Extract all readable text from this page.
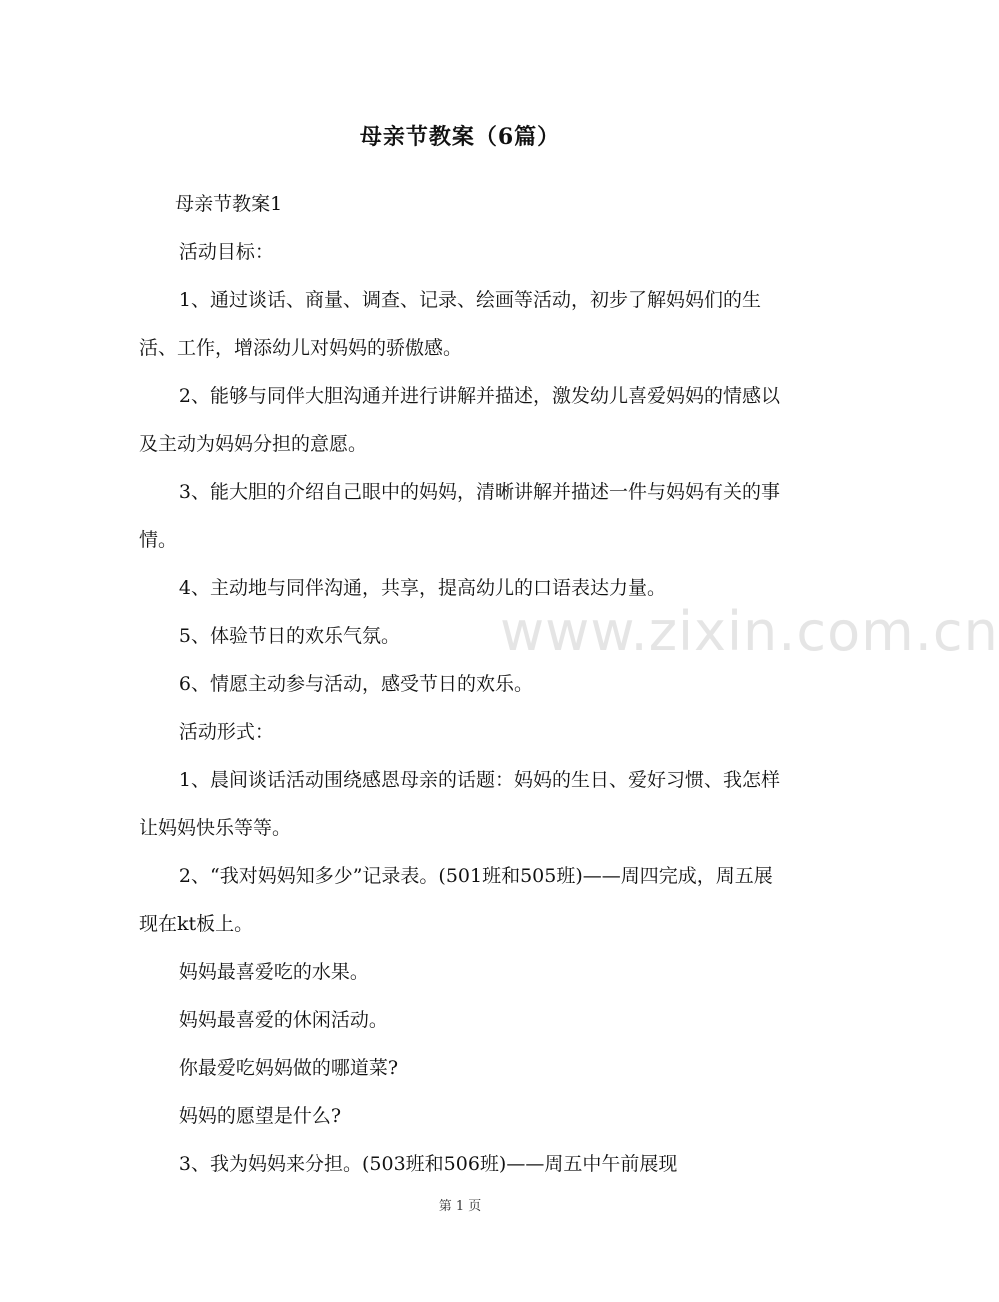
母亲节教案（6篇）

母亲节教案1

活动目标：

1、通过谈话、商量、调查、记录、绘画等活动，初步了解妈妈们的生活、工作，增添幼儿对妈妈的骄傲感。

2、能够与同伴大胆沟通并进行讲解并描述，激发幼儿喜爱妈妈的情感以及主动为妈妈分担的意愿。

3、能大胆的介绍自己眼中的妈妈，清晰讲解并描述一件与妈妈有关的事情。

4、主动地与同伴沟通，共享，提高幼儿的口语表达力量。

5、体验节日的欢乐气氛。

6、情愿主动参与活动，感受节日的欢乐。

活动形式：

1、晨间谈话活动围绕感恩母亲的话题：妈妈的生日、爱好习惯、我怎样让妈妈快乐等等。

2、“我对妈妈知多少”记录表。(501班和505班)——周四完成，周五展现在kt板上。

妈妈最喜爱吃的水果。

妈妈最喜爱的休闲活动。

你最爱吃妈妈做的哪道菜?

妈妈的愿望是什么?

3、我为妈妈来分担。(503班和506班)——周五中午前展现

www.zixin.com.cn
第 1 页
